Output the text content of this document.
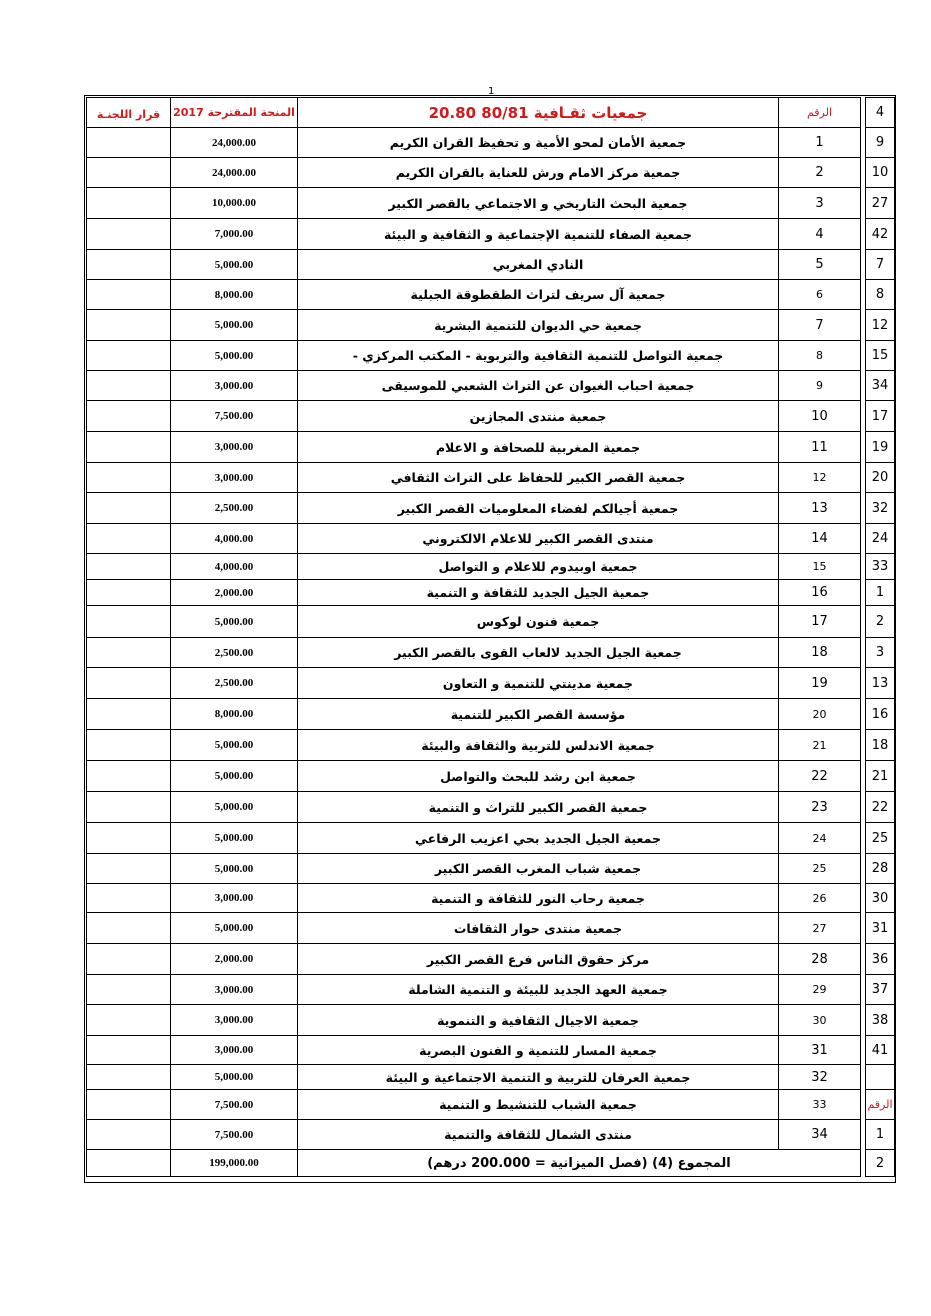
1
قرار اللجنـة	المنحة المقترحة 2017	جمعيات ثقـافية 80/81 20.80	الرقم		4
	24,000.00	جمعية الأمان لمحو الأمية و تحفيظ القران الكريم	1		9
	24,000.00	جمعية مركز الامام ورش للعناية بالقران الكريم	2		10
	10,000.00	جمعية البحث التاريخي و الاجتماعي بالقصر الكبير	3		27
	7,000.00	جمعية الصفاء للتنمية الإجتماعية و الثقافية و البيئة	4		42
	5,000.00	النادي المغربي	5		7
	8,000.00	جمعية آل سريف لتراث الطقطوقة الجبلية	6		8
	5,000.00	جمعية حي الديوان للتنمية البشرية	7		12
	5,000.00	جمعية التواصل للتنمية الثقافية والتربوية - المكتب المركزي -	8		15
	3,000.00	جمعية احباب الغيوان عن التراث الشعبي للموسيقى	9		34
	7,500.00	جمعية منتدى المجازين	10		17
	3,000.00	جمعية المغربية للصحافة و الاعلام	11		19
	3,000.00	جمعية القصر الكبير للحفاظ على التراث الثقافي	12		20
	2,500.00	جمعية أجيالكم لفضاء المعلوميات القصر الكبير	13		32
	4,000.00	منتدى القصر الكبير للاعلام الالكتروني	14		24
	4,000.00	جمعية اوبيدوم للاعلام و التواصل	15		33
	2,000.00	جمعية الجيل الجديد للثقافة و التنمية	16		1
	5,000.00	جمعية فنون لوكوس	17		2
	2,500.00	جمعية الجيل الجديد لالعاب القوى بالقصر الكبير	18		3
	2,500.00	جمعية مدينتي للتنمية و التعاون	19		13
	8,000.00	مؤسسة القصر الكبير للتنمية	20		16
	5,000.00	جمعية الاندلس للتربية والثقافة والبيئة	21		18
	5,000.00	جمعية ابن رشد للبحث والتواصل	22		21
	5,000.00	جمعية القصر الكبير للتراث و التنمية	23		22
	5,000.00	جمعية الجيل الجديد بحي اعزيب الرفاعي	24		25
	5,000.00	جمعية شباب المغرب القصر الكبير	25		28
	3,000.00	جمعية رحاب النور للثقافة و التنمية	26		30
	5,000.00	جمعية منتدى حوار الثقافات	27		31
	2,000.00	مركز حقوق الناس فرع القصر الكبير	28		36
	3,000.00	جمعية العهد الجديد للبيئة و التنمية الشاملة	29		37
	3,000.00	جمعية الاجيال الثقافية و التنموية	30		38
	3,000.00	جمعية المسار للتنمية و الفنون البصرية	31		41
	5,000.00	جمعية العرفان للتربية و التنمية الاجتماعية و البيئة	32		
	7,500.00	جمعية الشباب للتنشيط و التنمية	33		الرقم
	7,500.00	منتدى الشمال للثقافة والتنمية	34		1
	199,000.00	المجموع (4) (فصل الميزانية = 200.000 درهم)			2
